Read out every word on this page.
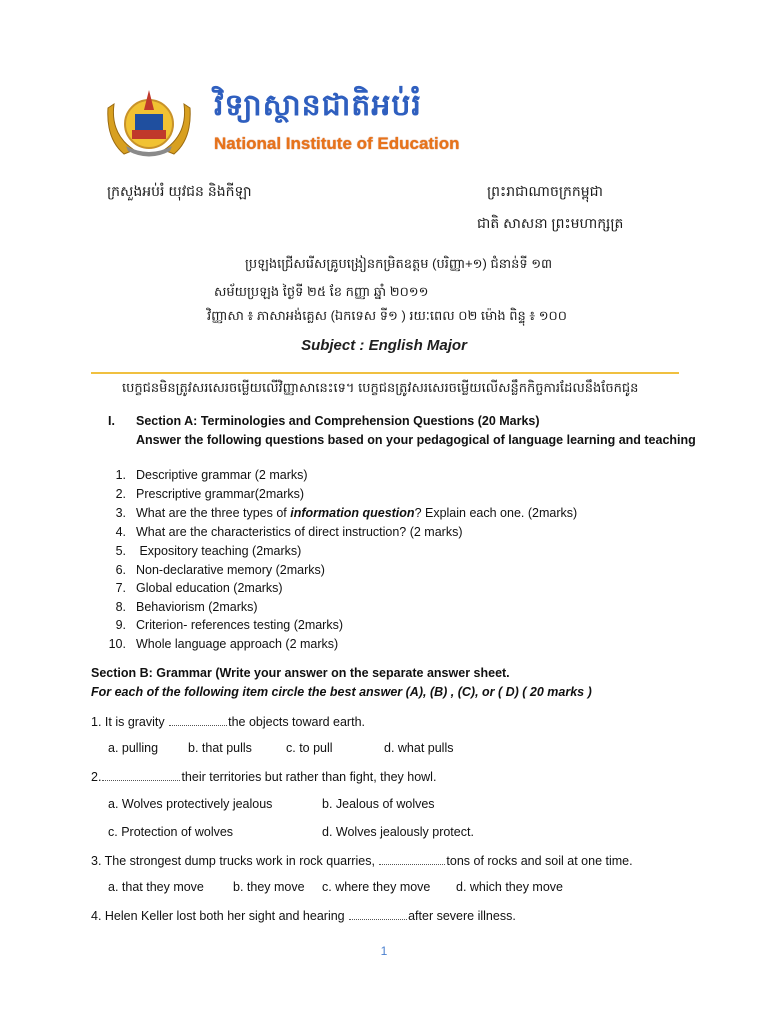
វិទ្យាស្ថានជាតិអប់រំ
National Institute of Education
ក្រសួងអប់រំ យុវជន និងកីឡា	ព្រះរាជាណាចក្រកម្ពុជា
ជាតិ សាសនា ព្រះមហាក្សត្រ
ប្រឡងជ្រើសរើសគ្រូបង្រៀនកម្រិតឧត្តម (បរិញ្ញា+១) ជំនាន់ទី ១៣
សម័យប្រឡង ថ្ងៃទី ២៥ ខែ កញ្ញា ឆ្នាំ ២០១១
វិញ្ញាសា ៖ ភាសាអង់គ្លេស (ឯកទេស ទី១ ) រយៈពេល ០២ ម៉ោង ពិន្ទុ ៖ ១០០
Subject : English Major
បេក្ខជនមិនត្រូវសរសេរចម្លើយលើវិញ្ញាសានេះទេ។ បេក្ខជនត្រូវសរសេរចម្លើយលើសន្លឹកកិច្ចការដែលនឹងចែកជូន
I. Section A: Terminologies and Comprehension Questions (20 Marks)
Answer the following questions based on your pedagogical of language learning and teaching
1. Descriptive grammar (2 marks)
2. Prescriptive grammar(2marks)
3. What are the three types of information question? Explain each one. (2marks)
4. What are the characteristics of direct instruction? (2 marks)
5. Expository teaching (2marks)
6. Non-declarative memory (2marks)
7. Global education (2marks)
8. Behaviorism (2marks)
9. Criterion- references testing (2marks)
10. Whole language approach (2 marks)
Section B: Grammar (Write your answer on the separate answer sheet.
For each of the following item circle the best answer (A), (B) , (C), or ( D) ( 20 marks )
1. It is gravity	the objects toward earth.
a. pulling b. that pulls	c. to pull	d. what pulls
2.	their territories but rather than fight, they howl.
a. Wolves protectively jealous	b. Jealous of wolves
c. Protection of wolves	d. Wolves jealously protect.
3. The strongest dump trucks work in rock quarries,	tons of rocks and soil at one time.
a. that they move b. they move c. where they move d. which they move
4. Helen Keller lost both her sight and hearing	after severe illness.
1
